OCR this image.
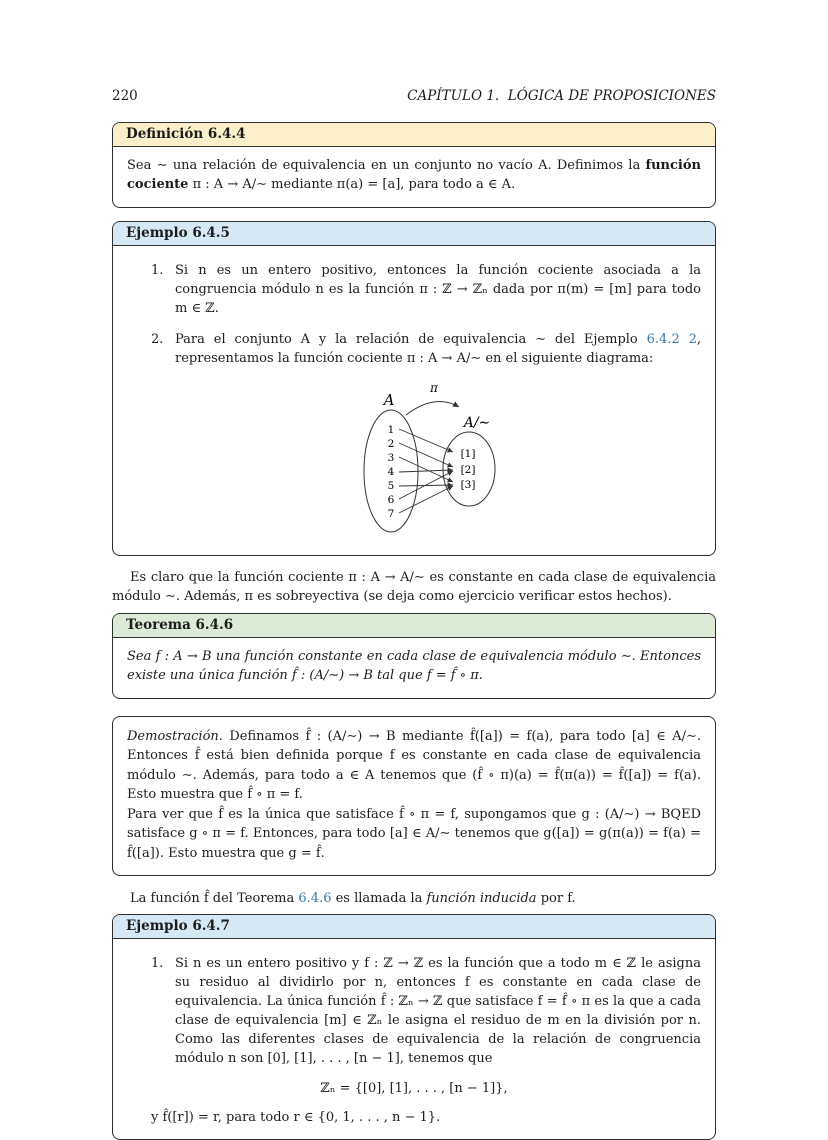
220	CAPÍTULO 1.  LÓGICA DE PROPOSICIONES
Definición 6.4.4

Sea ∼ una relación de equivalencia en un conjunto no vacío A. Definimos la función cociente π : A → A/∼ mediante π(a) = [a], para todo a ∈ A.

Ejemplo 6.4.5
1. Si n es un entero positivo, entonces la función cociente asociada a la congruencia módulo n es la función π : ℤ → ℤₙ dada por π(m) = [m] para todo m ∈ ℤ.
2. Para el conjunto A y la relación de equivalencia ∼ del Ejemplo 6.4.2 2, representamos la función cociente π : A → A/∼ en el siguiente diagrama:
A
A/∼
π
1
2
3
4
5
6
7
[1]
[2]
[3]

Es claro que la función cociente π : A → A/∼ es constante en cada clase de equivalencia módulo ∼. Además, π es sobreyectiva (se deja como ejercicio verificar estos hechos).

Teorema 6.4.6

Sea f : A → B una función constante en cada clase de equivalencia módulo ∼. Entonces existe una única función f̂ : (A/∼) → B tal que f = f̂ ∘ π.

Demostración. Definamos f̂ : (A/∼) → B mediante f̂([a]) = f(a), para todo [a] ∈ A/∼. Entonces f̂ está bien definida porque f es constante en cada clase de equivalencia módulo ∼. Además, para todo a ∈ A tenemos que (f̂ ∘ π)(a) = f̂(π(a)) = f̂([a]) = f(a). Esto muestra que f̂ ∘ π = f.

QED
Para ver que f̂ es la única que satisface f̂ ∘ π = f, supongamos que g : (A/∼) → B satisface g ∘ π = f. Entonces, para todo [a] ∈ A/∼ tenemos que g([a]) = g(π(a)) = f(a) = f̂([a]). Esto muestra que g = f̂.

La función f̂ del Teorema 6.4.6 es llamada la función inducida por f.

Ejemplo 6.4.7
1. Si n es un entero positivo y f : ℤ → ℤ es la función que a todo m ∈ ℤ le asigna su residuo al dividirlo por n, entonces f es constante en cada clase de equivalencia. La única función f̂ : ℤₙ → ℤ que satisface f = f̂ ∘ π es la que a cada clase de equivalencia [m] ∈ ℤₙ le asigna el residuo de m en la división por n. Como las diferentes clases de equivalencia de la relación de congruencia módulo n son [0], [1], . . . , [n − 1], tenemos que
ℤₙ = {[0], [1], . . . , [n − 1]},
y f̂([r]) = r, para todo r ∈ {0, 1, . . . , n − 1}.
